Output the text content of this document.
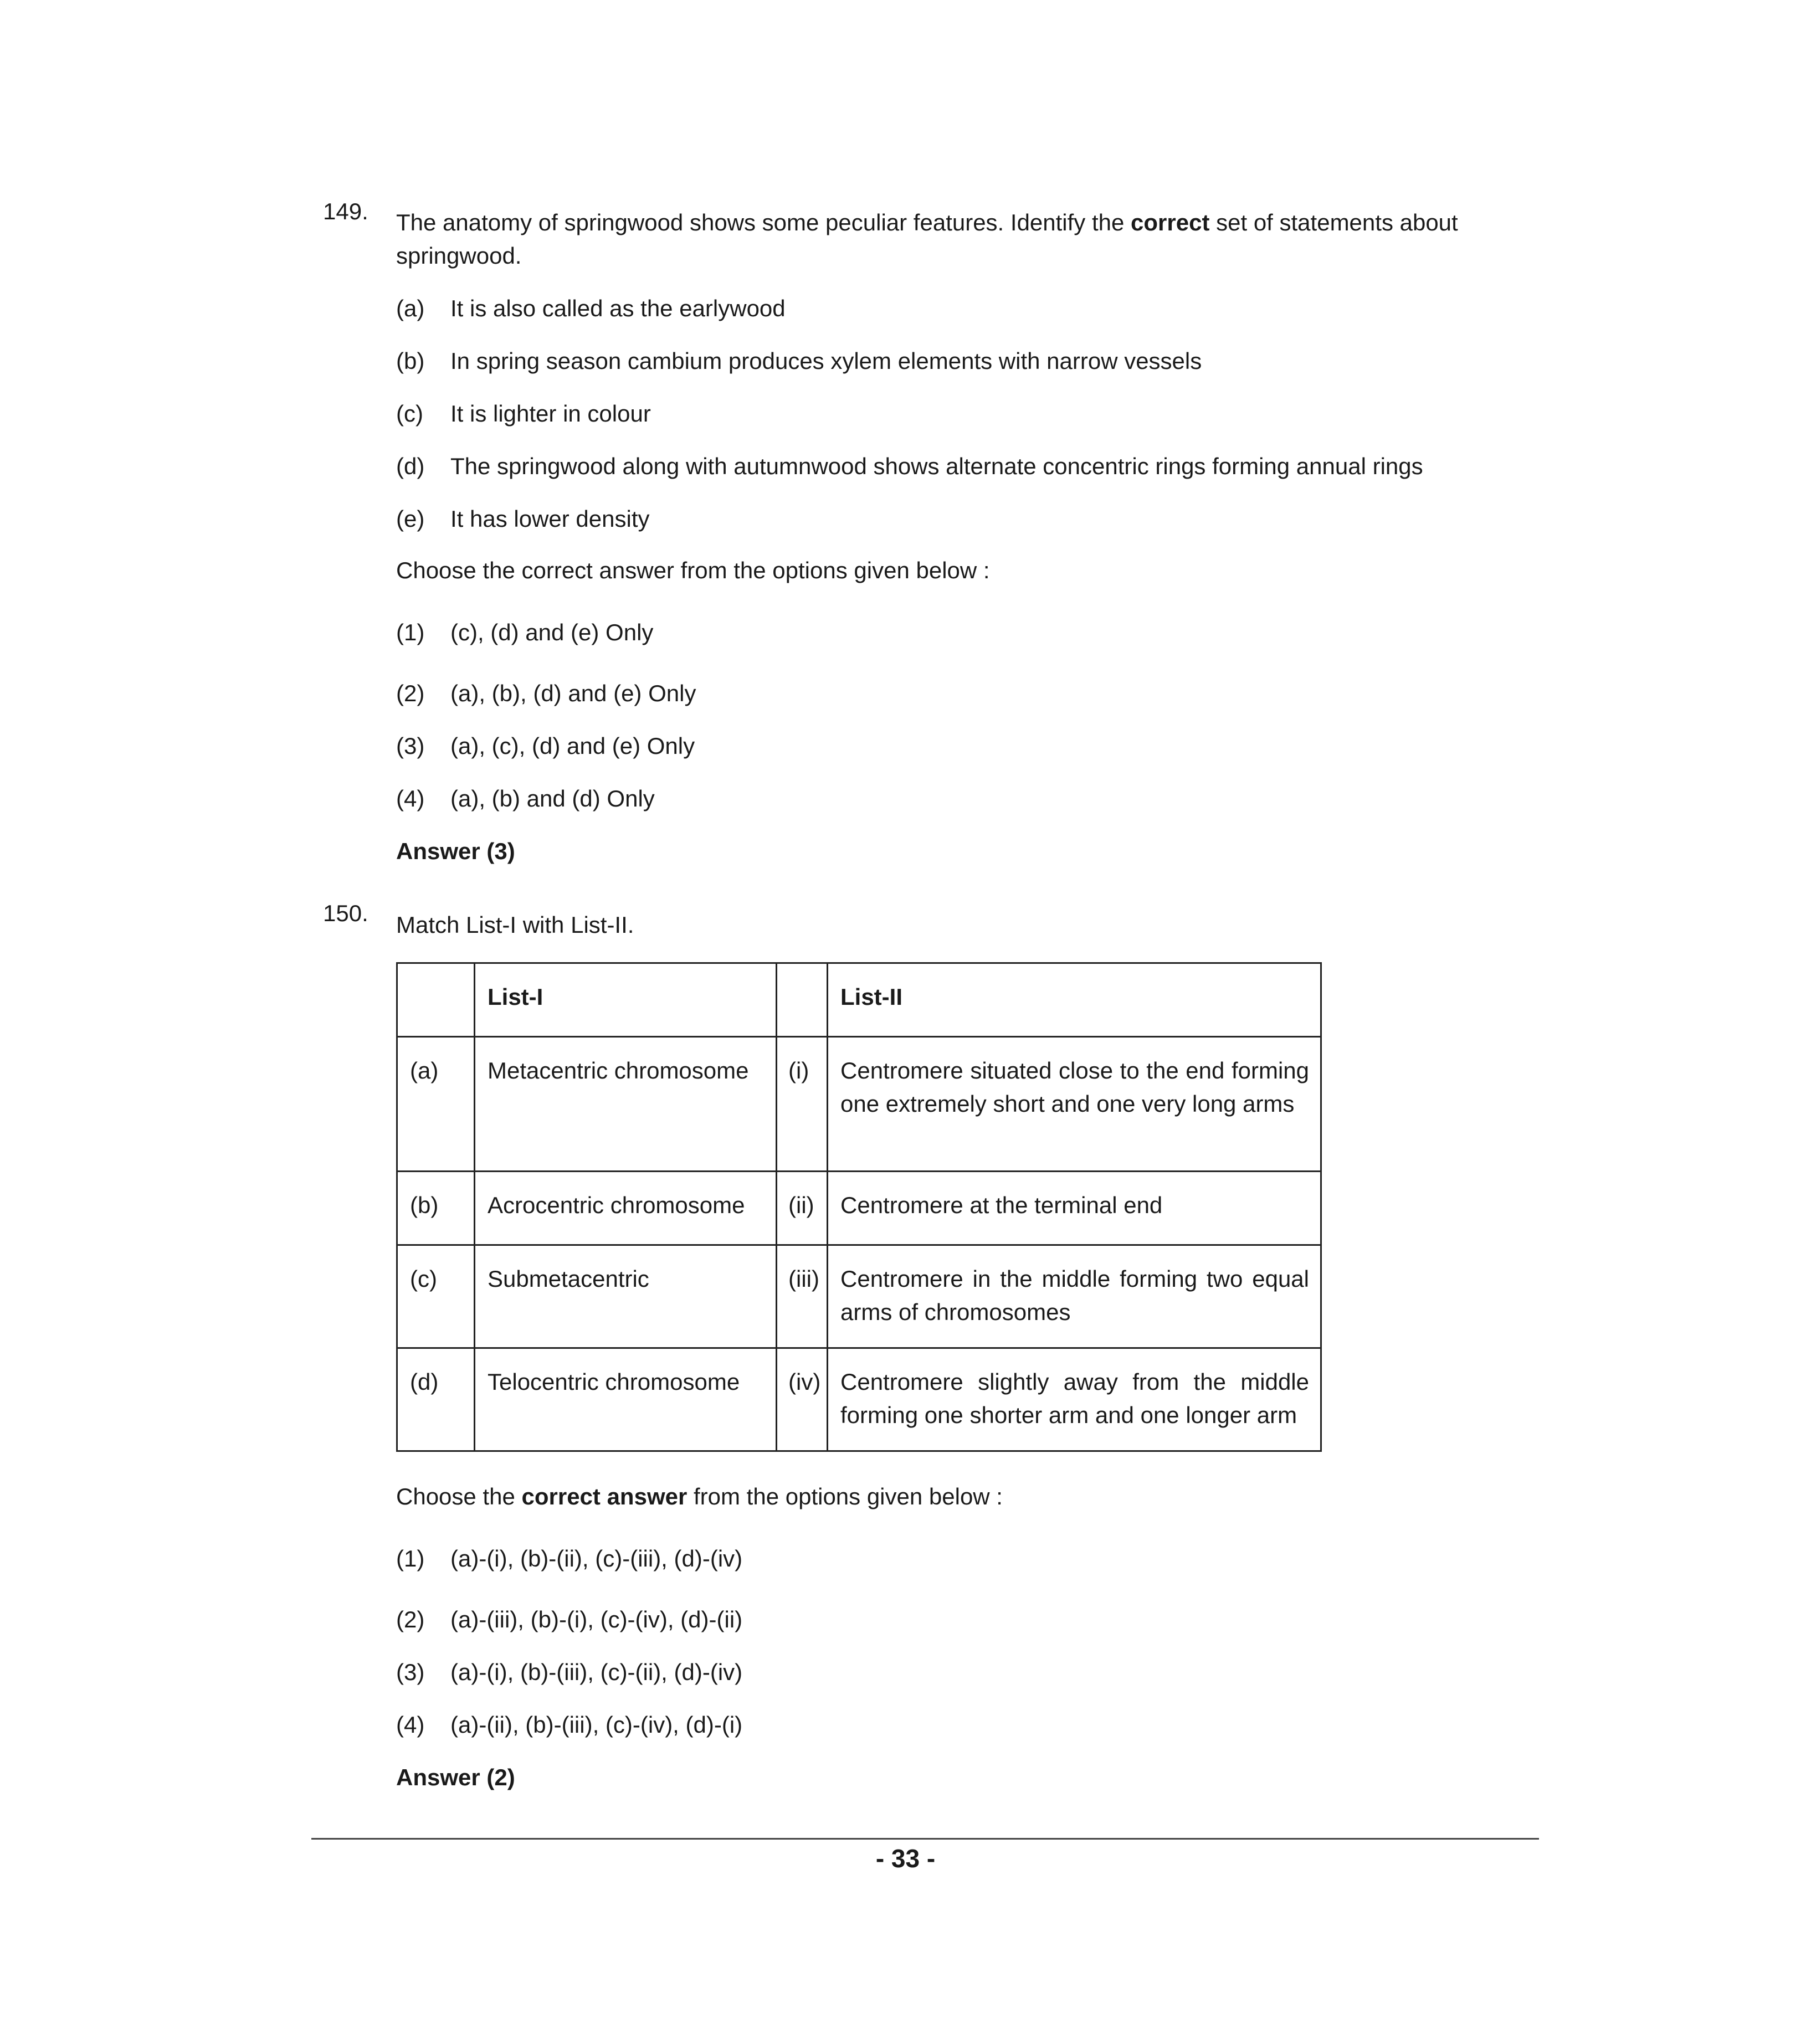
149. The anatomy of springwood shows some peculiar features. Identify the correct set of statements about springwood.
(a) It is also called as the earlywood
(b) In spring season cambium produces xylem elements with narrow vessels
(c) It is lighter in colour
(d) The springwood along with autumnwood shows alternate concentric rings forming annual rings
(e) It has lower density
Choose the correct answer from the options given below :
(1) (c), (d) and (e) Only
(2) (a), (b), (d) and (e) Only
(3) (a), (c), (d) and (e) Only
(4) (a), (b) and (d) Only
Answer (3)
150. Match List-I with List-II.
	List-I		List-II
(a)	Metacentric chromosome	(i)	Centromere situated close to the end forming one extremely short and one very long arms
(b)	Acrocentric chromosome	(ii)	Centromere at the terminal end
(c)	Submetacentric	(iii)	Centromere in the middle forming two equal arms of chromosomes
(d)	Telocentric chromosome	(iv)	Centromere slightly away from the middle forming one shorter arm and one longer arm
Choose the correct answer from the options given below :
(1) (a)-(i), (b)-(ii), (c)-(iii), (d)-(iv)
(2) (a)-(iii), (b)-(i), (c)-(iv), (d)-(ii)
(3) (a)-(i), (b)-(iii), (c)-(ii), (d)-(iv)
(4) (a)-(ii), (b)-(iii), (c)-(iv), (d)-(i)
Answer (2)
- 33 -
